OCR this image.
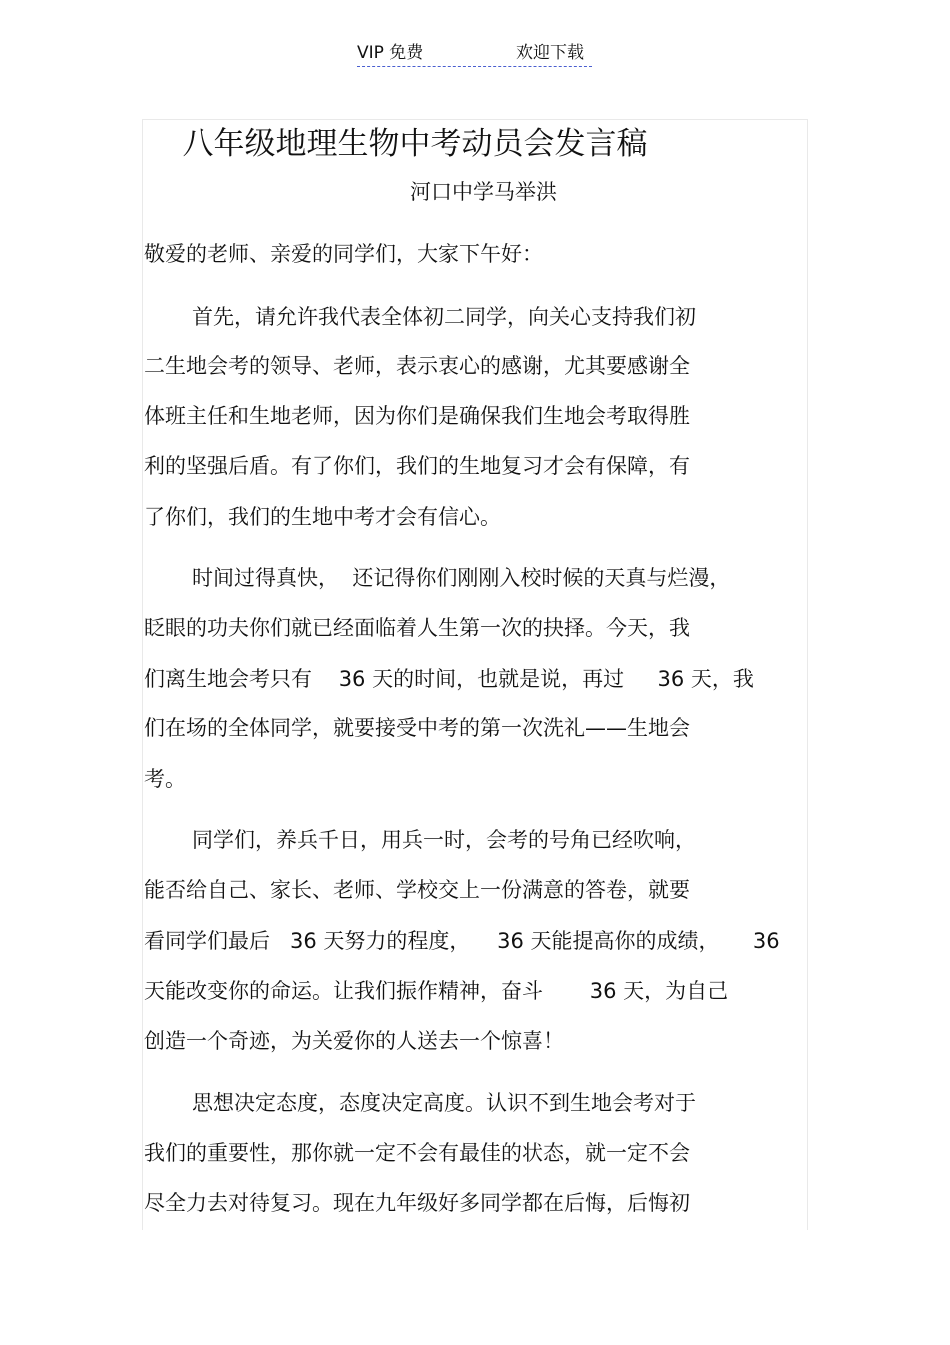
VIP 免费	欢迎下载
八年级地理生物中考动员会发言稿
河口中学马举洪
敬爱的老师、亲爱的同学们，大家下午好：
首先，请允许我代表全体初二同学，向关心支持我们初
二生地会考的领导、老师，表示衷心的感谢，尤其要感谢全
体班主任和生地老师，因为你们是确保我们生地会考取得胜
利的坚强后盾。有了你们，我们的生地复习才会有保障，有
了你们，我们的生地中考才会有信心。
时间过得真快，  还记得你们刚刚入校时候的天真与烂漫，
眨眼的功夫你们就已经面临着人生第一次的抉择。今天，我
们离生地会考只有    36 天的时间，也就是说，再过     36 天，我
们在场的全体同学，就要接受中考的第一次洗礼——生地会
考。
同学们，养兵千日，用兵一时，会考的号角已经吹响，
能否给自己、家长、老师、学校交上一份满意的答卷，就要
看同学们最后   36 天努力的程度，    36 天能提高你的成绩，     36
天能改变你的命运。让我们振作精神，奋斗       36 天，为自己
创造一个奇迹，为关爱你的人送去一个惊喜！
思想决定态度，态度决定高度。认识不到生地会考对于
我们的重要性，那你就一定不会有最佳的状态，就一定不会
尽全力去对待复习。现在九年级好多同学都在后悔，后悔初
